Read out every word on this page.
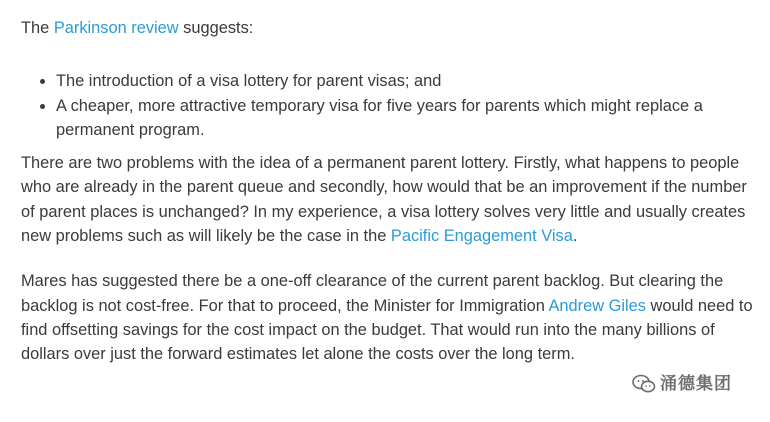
The Parkinson review suggests:

• The introduction of a visa lottery for parent visas; and
• A cheaper, more attractive temporary visa for five years for parents which might replace a permanent program.

There are two problems with the idea of a permanent parent lottery. Firstly, what happens to people who are already in the parent queue and secondly, how would that be an improvement if the number of parent places is unchanged? In my experience, a visa lottery solves very little and usually creates new problems such as will likely be the case in the Pacific Engagement Visa.

Mares has suggested there be a one-off clearance of the current parent backlog. But clearing the backlog is not cost-free. For that to proceed, the Minister for Immigration Andrew Giles would need to find offsetting savings for the cost impact on the budget. That would run into the many billions of dollars over just the forward estimates let alone the costs over the long term.

涌德集团
